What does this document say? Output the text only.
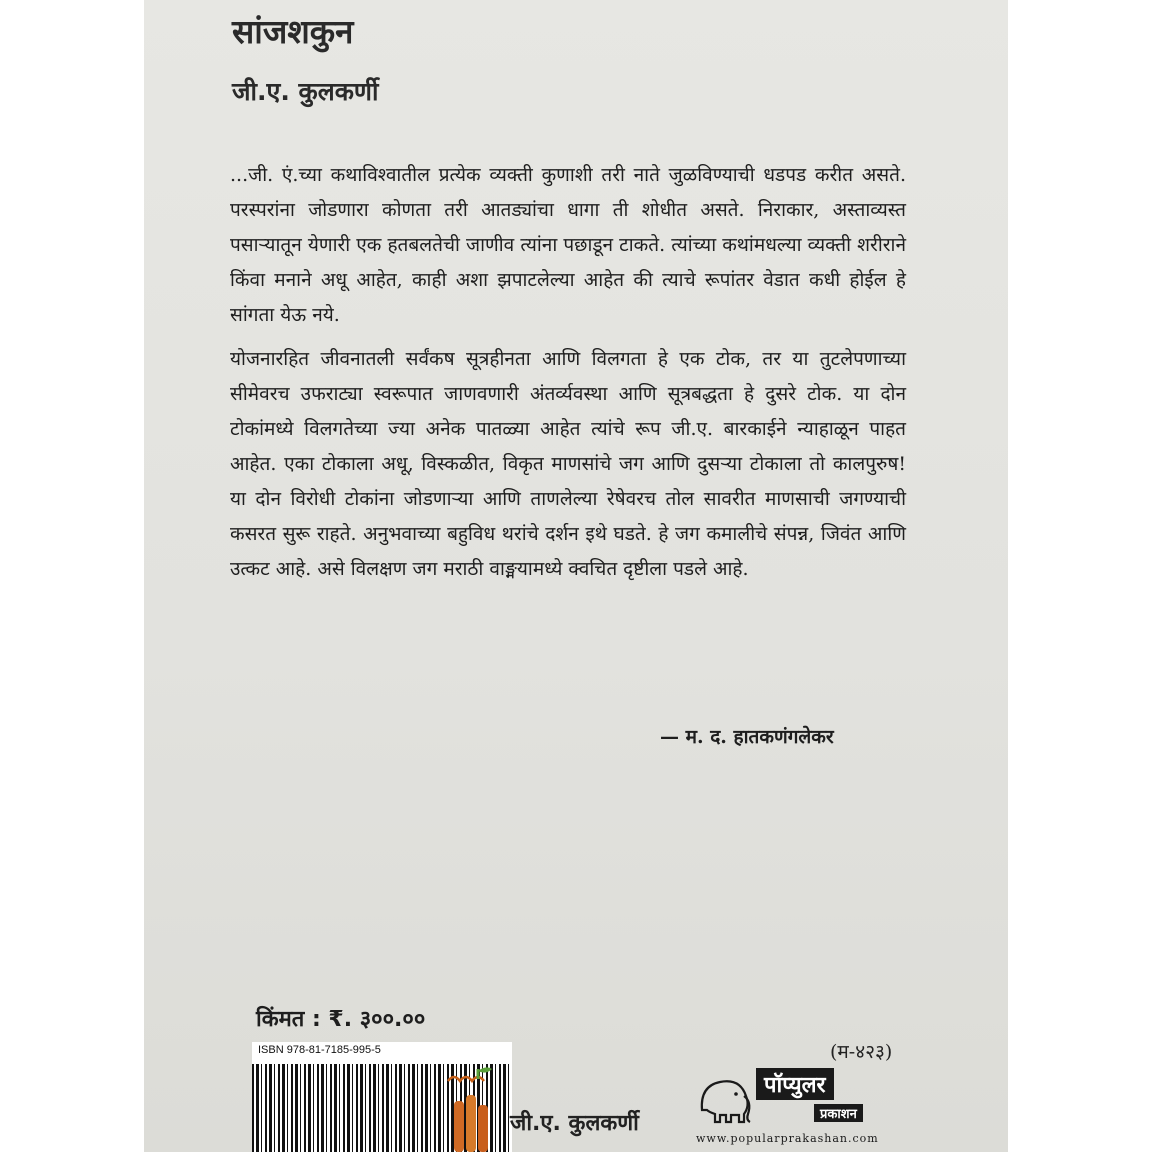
सांजशकुन
जी.ए. कुलकर्णी

...जी. एं.च्या कथाविश्वातील प्रत्येक व्यक्ती कुणाशी तरी नाते जुळविण्याची धडपड करीत असते. परस्परांना जोडणारा कोणता तरी आतड्यांचा धागा ती शोधीत असते. निराकार, अस्ताव्यस्त पसाऱ्यातून येणारी एक हतबलतेची जाणीव त्यांना पछाडून टाकते. त्यांच्या कथांमधल्या व्यक्ती शरीराने किंवा मनाने अधू आहेत, काही अशा झपाटलेल्या आहेत की त्याचे रूपांतर वेडात कधी होईल हे सांगता येऊ नये.

योजनारहित जीवनातली सर्वंकष सूत्रहीनता आणि विलगता हे एक टोक, तर या तुटलेपणाच्या सीमेवरच उफराट्या स्वरूपात जाणवणारी अंतर्व्यवस्था आणि सूत्रबद्धता हे दुसरे टोक. या दोन टोकांमध्ये विलगतेच्या ज्या अनेक पातळ्या आहेत त्यांचे रूप जी.ए. बारकाईने न्याहाळून पाहत आहेत. एका टोकाला अधू, विस्कळीत, विकृत माणसांचे जग आणि दुसऱ्या टोकाला तो कालपुरुष! या दोन विरोधी टोकांना जोडणाऱ्या आणि ताणलेल्या रेषेवरच तोल सावरीत माणसाची जगण्याची कसरत सुरू राहते. अनुभवाच्या बहुविध थरांचे दर्शन इथे घडते. हे जग कमालीचे संपन्न, जिवंत आणि उत्कट आहे. असे विलक्षण जग मराठी वाङ्मयामध्ये क्वचित दृष्टीला पडले आहे.

— म. द. हातकणंगलेकर
किंमत : ₹. ३००.००
(म-४२३)
ISBN 978-81-7185-995-5
जी.ए. कुलकर्णी
पॉप्युलर
प्रकाशन
www.popularprakashan.com
